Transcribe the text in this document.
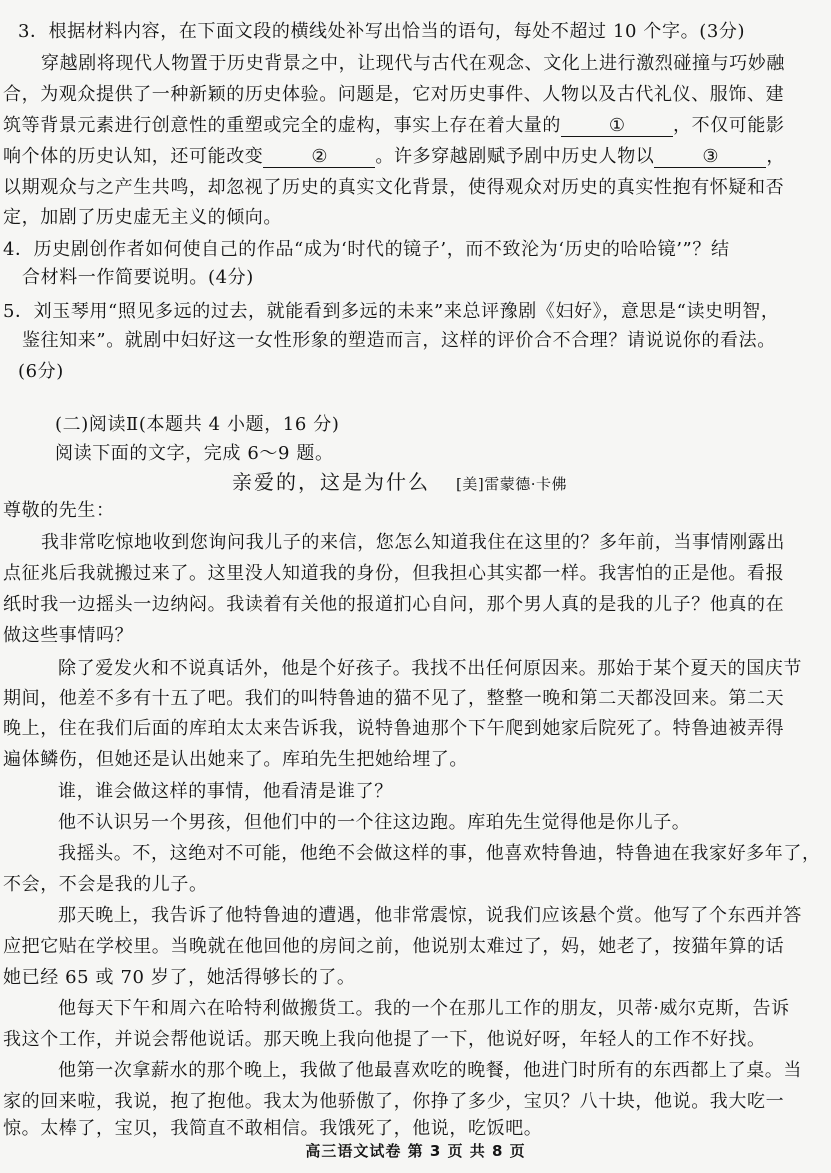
3．根据材料内容，在下面文段的横线处补写出恰当的语句，每处不超过 10 个字。(3分)
穿越剧将现代人物置于历史背景之中，让现代与古代在观念、文化上进行激烈碰撞与巧妙融
合，为观众提供了一种新颖的历史体验。问题是，它对历史事件、人物以及古代礼仪、服饰、建
筑等背景元素进行创意性的重塑或完全的虚构，事实上存在着大量的	①	，不仅可能影
响个体的历史认知，还可能改变	②	。许多穿越剧赋予剧中历史人物以	③	，
以期观众与之产生共鸣，却忽视了历史的真实文化背景，使得观众对历史的真实性抱有怀疑和否
定，加剧了历史虚无主义的倾向。
4．历史剧创作者如何使自己的作品“成为‘时代的镜子’，而不致沦为‘历史的哈哈镜’”？结
合材料一作简要说明。(4分)
5．刘玉琴用“照见多远的过去，就能看到多远的未来”来总评豫剧《妇好》，意思是“读史明智，
鉴往知来”。就剧中妇好这一女性形象的塑造而言，这样的评价合不合理？请说说你的看法。
(6分)
(二)阅读Ⅱ(本题共 4 小题，16 分)
阅读下面的文字，完成 6～9 题。
亲爱的，这是为什么 [美]雷蒙德·卡佛
尊敬的先生：
我非常吃惊地收到您询问我儿子的来信，您怎么知道我住在这里的？多年前，当事情刚露出
点征兆后我就搬过来了。这里没人知道我的身份，但我担心其实都一样。我害怕的正是他。看报
纸时我一边摇头一边纳闷。我读着有关他的报道扪心自问，那个男人真的是我的儿子？他真的在
做这些事情吗？
除了爱发火和不说真话外，他是个好孩子。我找不出任何原因来。那始于某个夏天的国庆节
期间，他差不多有十五了吧。我们的叫特鲁迪的猫不见了，整整一晚和第二天都没回来。第二天
晚上，住在我们后面的库珀太太来告诉我，说特鲁迪那个下午爬到她家后院死了。特鲁迪被弄得
遍体鳞伤，但她还是认出她来了。库珀先生把她给埋了。
谁，谁会做这样的事情，他看清是谁了？
他不认识另一个男孩，但他们中的一个往这边跑。库珀先生觉得他是你儿子。
我摇头。不，这绝对不可能，他绝不会做这样的事，他喜欢特鲁迪，特鲁迪在我家好多年了，
不会，不会是我的儿子。
那天晚上，我告诉了他特鲁迪的遭遇，他非常震惊，说我们应该悬个赏。他写了个东西并答
应把它贴在学校里。当晚就在他回他的房间之前，他说别太难过了，妈，她老了，按猫年算的话
她已经 65 或 70 岁了，她活得够长的了。
他每天下午和周六在哈特利做搬货工。我的一个在那儿工作的朋友，贝蒂·威尔克斯，告诉
我这个工作，并说会帮他说话。那天晚上我向他提了一下，他说好呀，年轻人的工作不好找。
他第一次拿薪水的那个晚上，我做了他最喜欢吃的晚餐，他进门时所有的东西都上了桌。当
家的回来啦，我说，抱了抱他。我太为他骄傲了，你挣了多少，宝贝？八十块，他说。我大吃一
惊。太棒了，宝贝，我简直不敢相信。我饿死了，他说，吃饭吧。
高三语文试卷 第 3 页 共 8 页
